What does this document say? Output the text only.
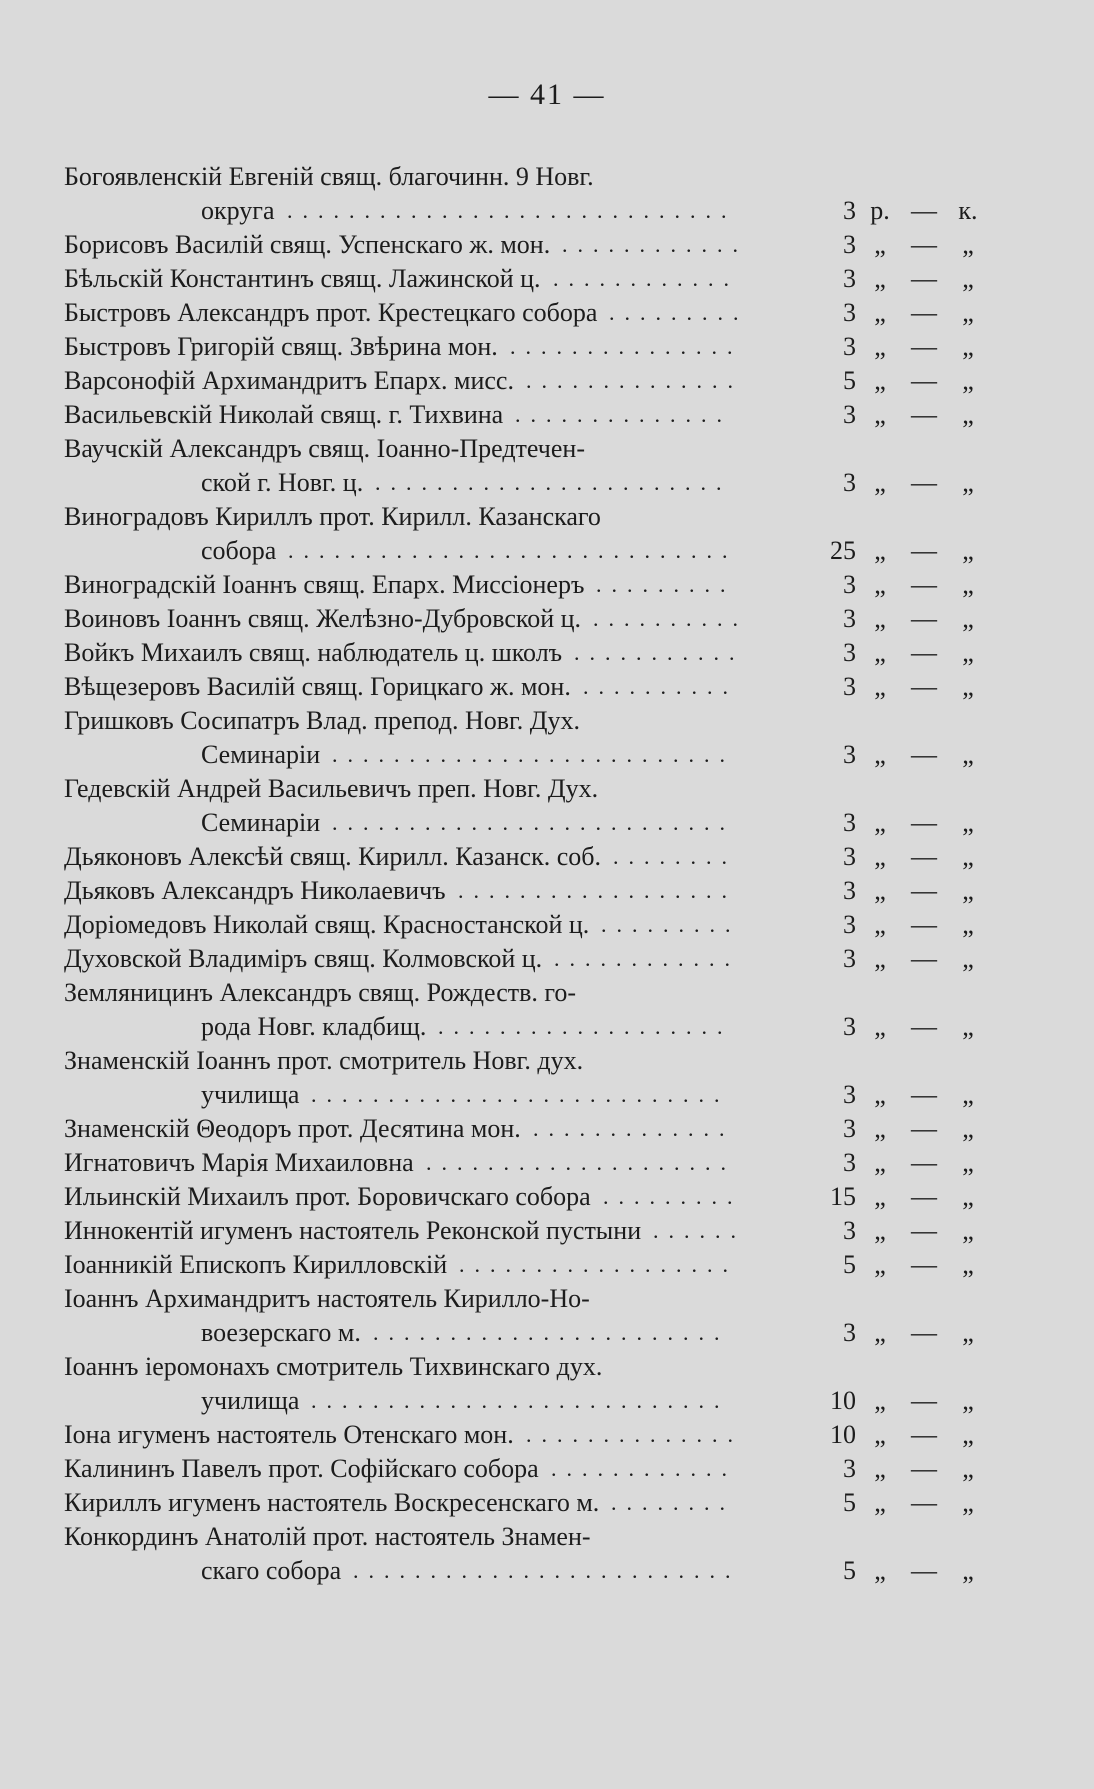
— 41 —
Богоявленскій Евгеній свящ. благочинн. 9 Новг.
округа	3 р. — к.
.............................
Борисовъ Василій свящ. Успенскаго ж. мон.	3 „ — „
............
Бѣльскій Константинъ свящ. Лажинской ц.	3 „ — „
............
Быстровъ Александръ прот. Крестецкаго собора	3 „ — „
.........
Быстровъ Григорій свящ. Звѣрина мон.	3 „ — „
...............
Варсонофій Архимандритъ Епарх. мисс.	5 „ — „
..............
Васильевскій Николай свящ. г. Тихвина	3 „ — „
..............
Ваучскій Александръ свящ. Іоанно-Предтечен-
ской г. Новг. ц.	3 „ — „
.......................
Виноградовъ Кириллъ прот. Кирилл. Казанскаго
собора	25 „ — „
.............................
Виноградскій Іоаннъ свящ. Епарх. Миссіонеръ	3 „ — „
.........
Воиновъ Іоаннъ свящ. Желѣзно-Дубровской ц.	3 „ — „
..........
Войкъ Михаилъ свящ. наблюдатель ц. школъ	3 „ — „
...........
Вѣщезеровъ Василій свящ. Горицкаго ж. мон.	3 „ — „
..........
Гришковъ Сосипатръ Влад. препод. Новг. Дух.
Семинаріи	3 „ — „
..........................
Гедевскій Андрей Васильевичъ преп. Новг. Дух.
Семинаріи	3 „ — „
..........................
Дьяконовъ Алексѣй свящ. Кирилл. Казанск. соб.	3 „ — „
........
Дьяковъ Александръ Николаевичъ	3 „ — „
..................
Доріомедовъ Николай свящ. Красностанской ц.	3 „ — „
.........
Духовской Владиміръ свящ. Колмовской ц.	3 „ — „
............
Земляницинъ Александръ свящ. Рождеств. го-
рода Новг. кладбищ.	3 „ — „
...................
Знаменскій Іоаннъ прот. смотритель Новг. дух.
училища	3 „ — „
...........................
Знаменскій Θеодоръ прот. Десятина мон.	3 „ — „
.............
Игнатовичъ Марія Михаиловна	3 „ — „
....................
Ильинскій Михаилъ прот. Боровичскаго собора	15 „ — „
.........
Иннокентій игуменъ настоятель Реконской пустыни	3 „ — „
......
Іоанникій Епископъ Кирилловскій	5 „ — „
..................
Іоаннъ Архимандритъ настоятель Кирилло-Но-
воезерскаго м.	3 „ — „
.......................
Іоаннъ іеромонахъ смотритель Тихвинскаго дух.
училища	10 „ — „
...........................
Іона игуменъ настоятель Отенскаго мон.	10 „ — „
..............
Калининъ Павелъ прот. Софійскаго собора	3 „ — „
............
Кириллъ игуменъ настоятель Воскресенскаго м.	5 „ — „
........
Конкординъ Анатолій прот. настоятель Знамен-
скаго собора	5 „ — „
.........................
